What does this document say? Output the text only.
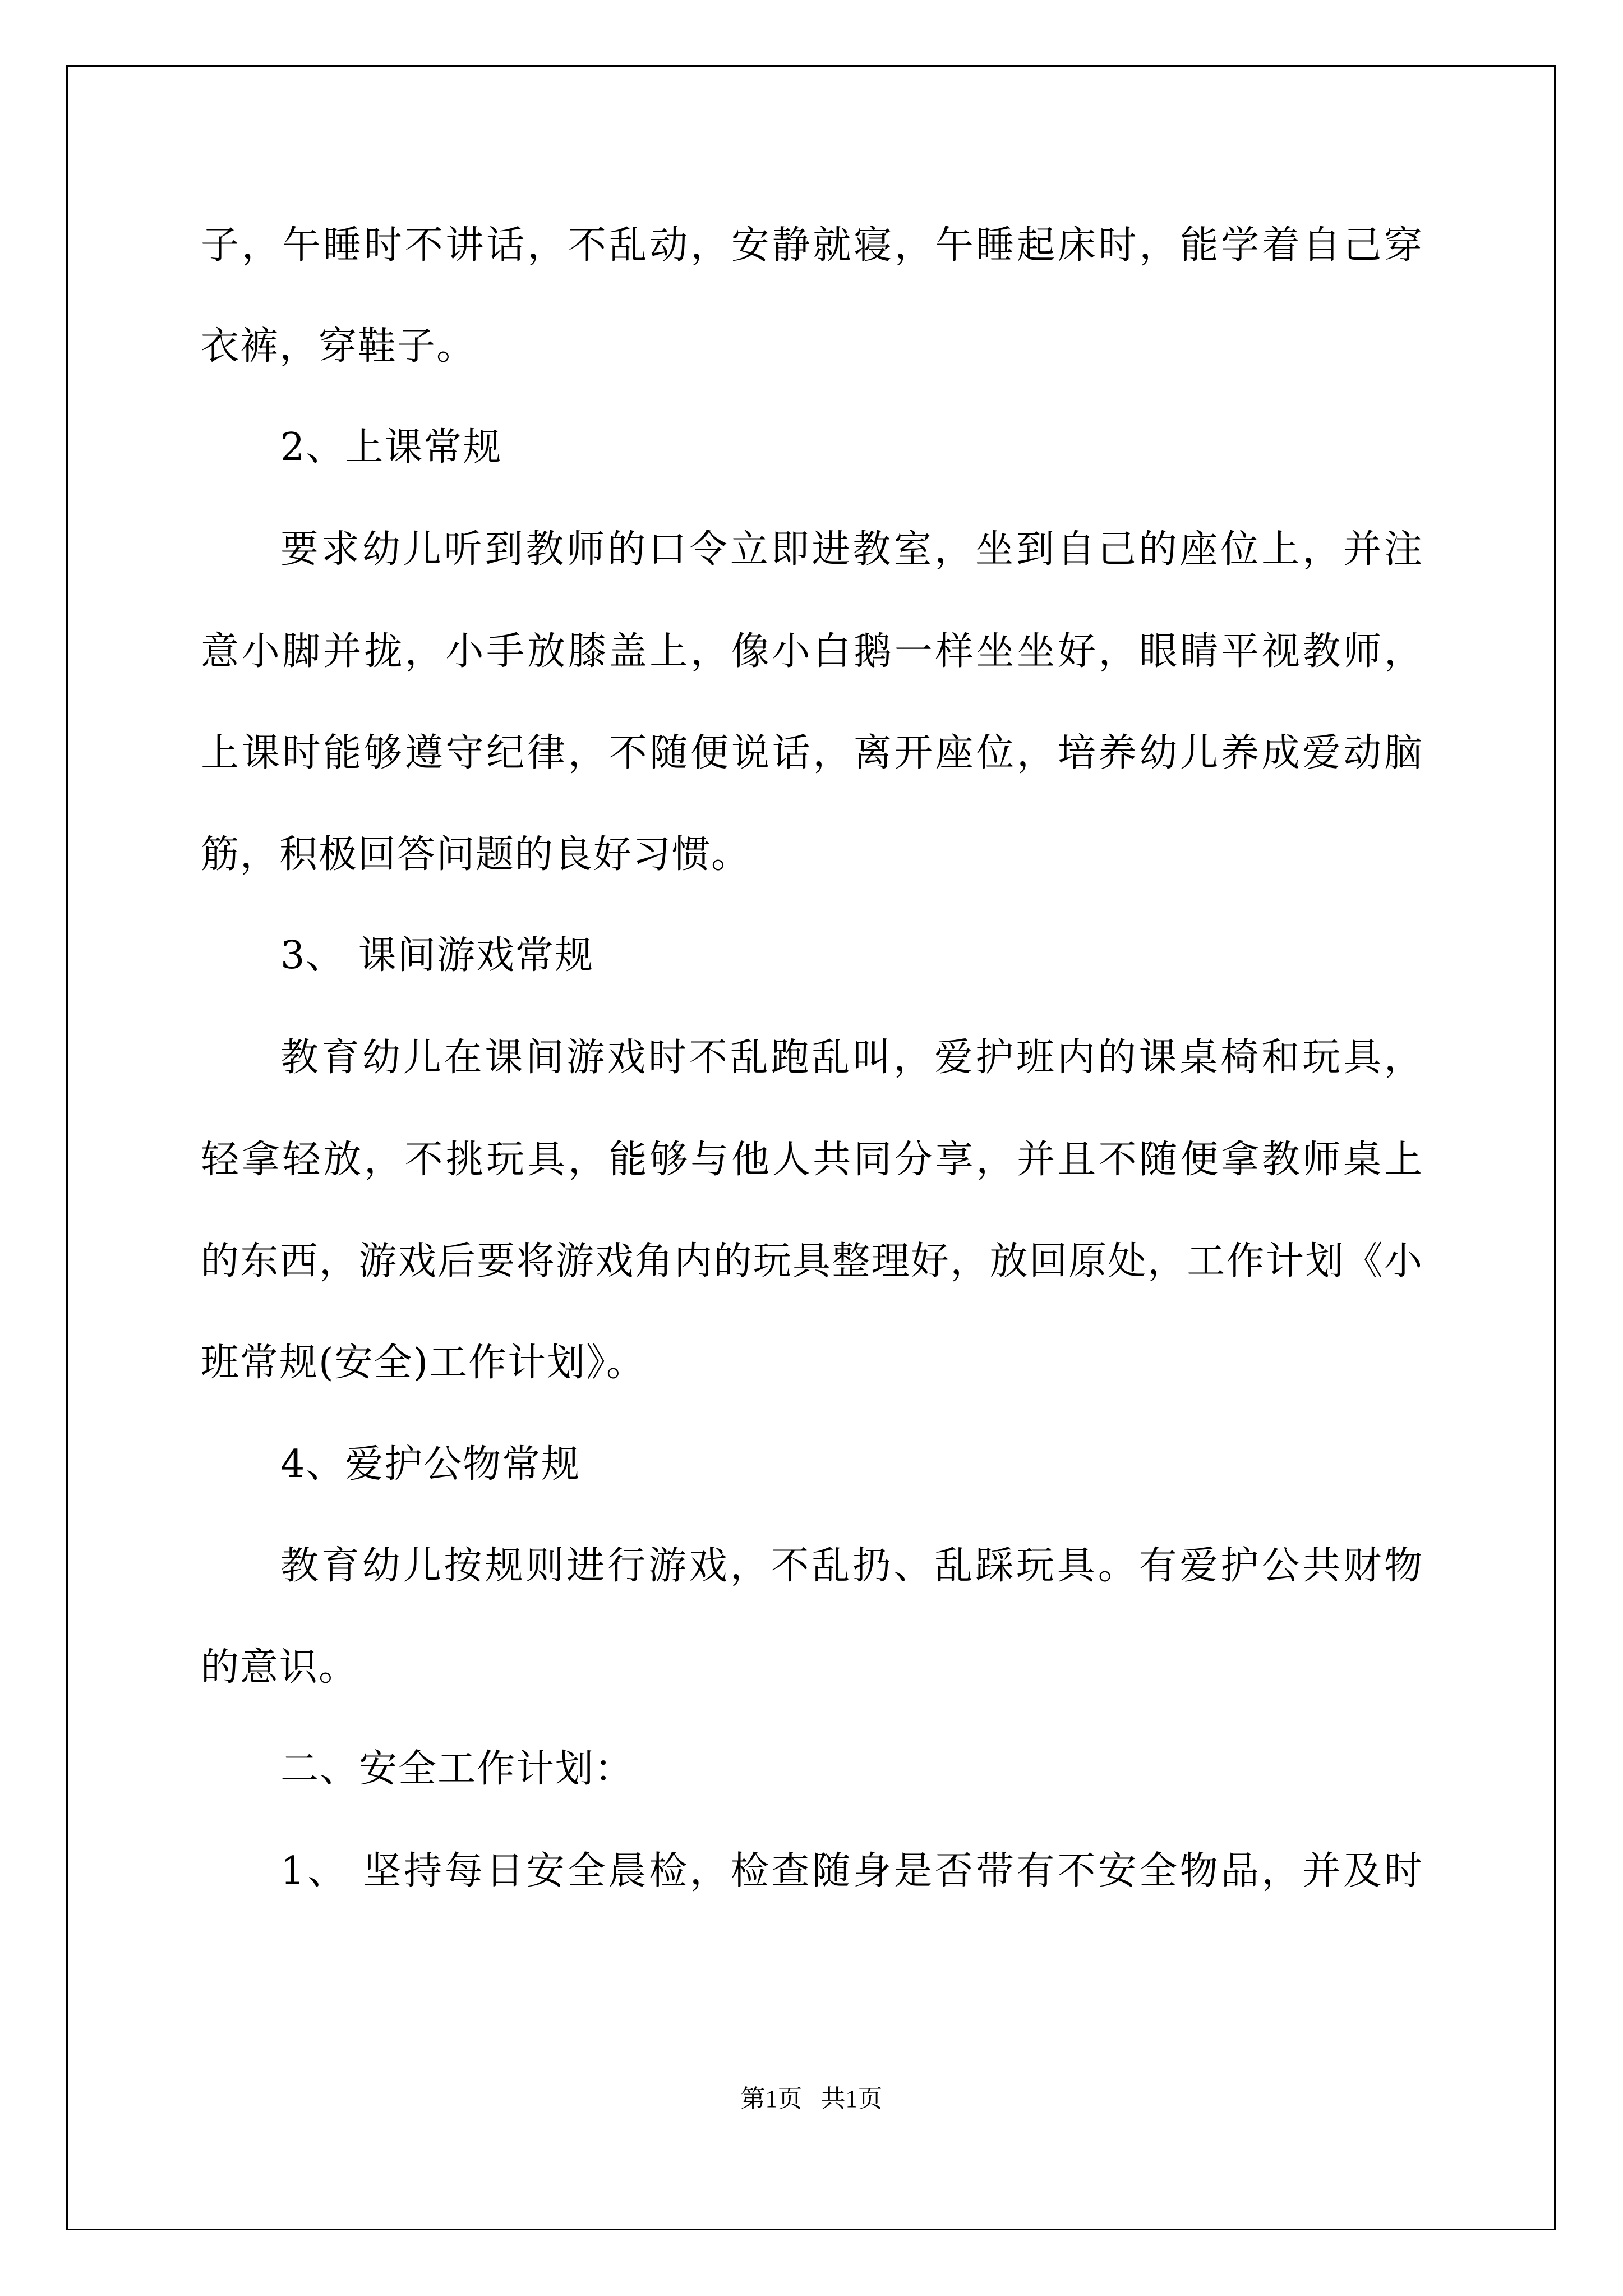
子，午睡时不讲话，不乱动，安静就寝，午睡起床时，能学着自己穿
衣裤，穿鞋子。
2、上课常规
要求幼儿听到教师的口令立即进教室，坐到自己的座位上，并注
意小脚并拢，小手放膝盖上，像小白鹅一样坐坐好，眼睛平视教师，
上课时能够遵守纪律，不随便说话，离开座位，培养幼儿养成爱动脑
筋，积极回答问题的良好习惯。
3、 课间游戏常规
教育幼儿在课间游戏时不乱跑乱叫，爱护班内的课桌椅和玩具，
轻拿轻放，不挑玩具，能够与他人共同分享，并且不随便拿教师桌上
的东西，游戏后要将游戏角内的玩具整理好，放回原处，工作计划《小
班常规(安全)工作计划》。
4、爱护公物常规
教育幼儿按规则进行游戏，不乱扔、乱踩玩具。有爱护公共财物
的意识。
二、安全工作计划：
1、 坚持每日安全晨检，检查随身是否带有不安全物品，并及时
第1页 共1页
